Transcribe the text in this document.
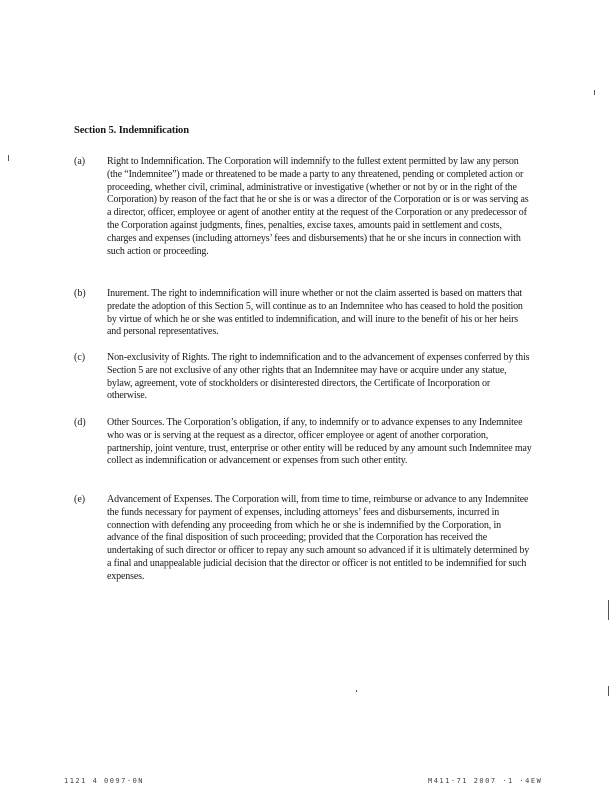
Section 5. Indemnification
(a) Right to Indemnification. The Corporation will indemnify to the fullest extent permitted by law any person (the “Indemnitee”) made or threatened to be made a party to any threatened, pending or completed action or proceeding, whether civil, criminal, administrative or investigative (whether or not by or in the right of the Corporation) by reason of the fact that he or she is or was a director of the Corporation or is or was serving as a director, officer, employee or agent of another entity at the request of the Corporation or any predecessor of the Corporation against judgments, fines, penalties, excise taxes, amounts paid in settlement and costs, charges and expenses (including attorneys’ fees and disbursements) that he or she incurs in connection with such action or proceeding.
(b) Inurement. The right to indemnification will inure whether or not the claim asserted is based on matters that predate the adoption of this Section 5, will continue as to an Indemnitee who has ceased to hold the position by virtue of which he or she was entitled to indemnification, and will inure to the benefit of his or her heirs and personal representatives.
(c) Non-exclusivity of Rights. The right to indemnification and to the advancement of expenses conferred by this Section 5 are not exclusive of any other rights that an Indemnitee may have or acquire under any statue, bylaw, agreement, vote of stockholders or disinterested directors, the Certificate of Incorporation or otherwise.
(d) Other Sources. The Corporation’s obligation, if any, to indemnify or to advance expenses to any Indemnitee who was or is serving at the request as a director, officer employee or agent of another corporation, partnership, joint venture, trust, enterprise or other entity will be reduced by any amount such Indemnitee may collect as indemnification or advancement or expenses from such other entity.
(e) Advancement of Expenses. The Corporation will, from time to time, reimburse or advance to any Indemnitee the funds necessary for payment of expenses, including attorneys’ fees and disbursements, incurred in connection with defending any proceeding from which he or she is indemnified by the Corporation, in advance of the final disposition of such proceeding; provided that the Corporation has received the undertaking of such director or officer to repay any such amount so advanced if it is ultimately determined by a final and unappealable judicial decision that the director or officer is not entitled to be indemnified for such expenses.
1121 4 0097·0N	M411·71 2007 ·1 ·4EW
